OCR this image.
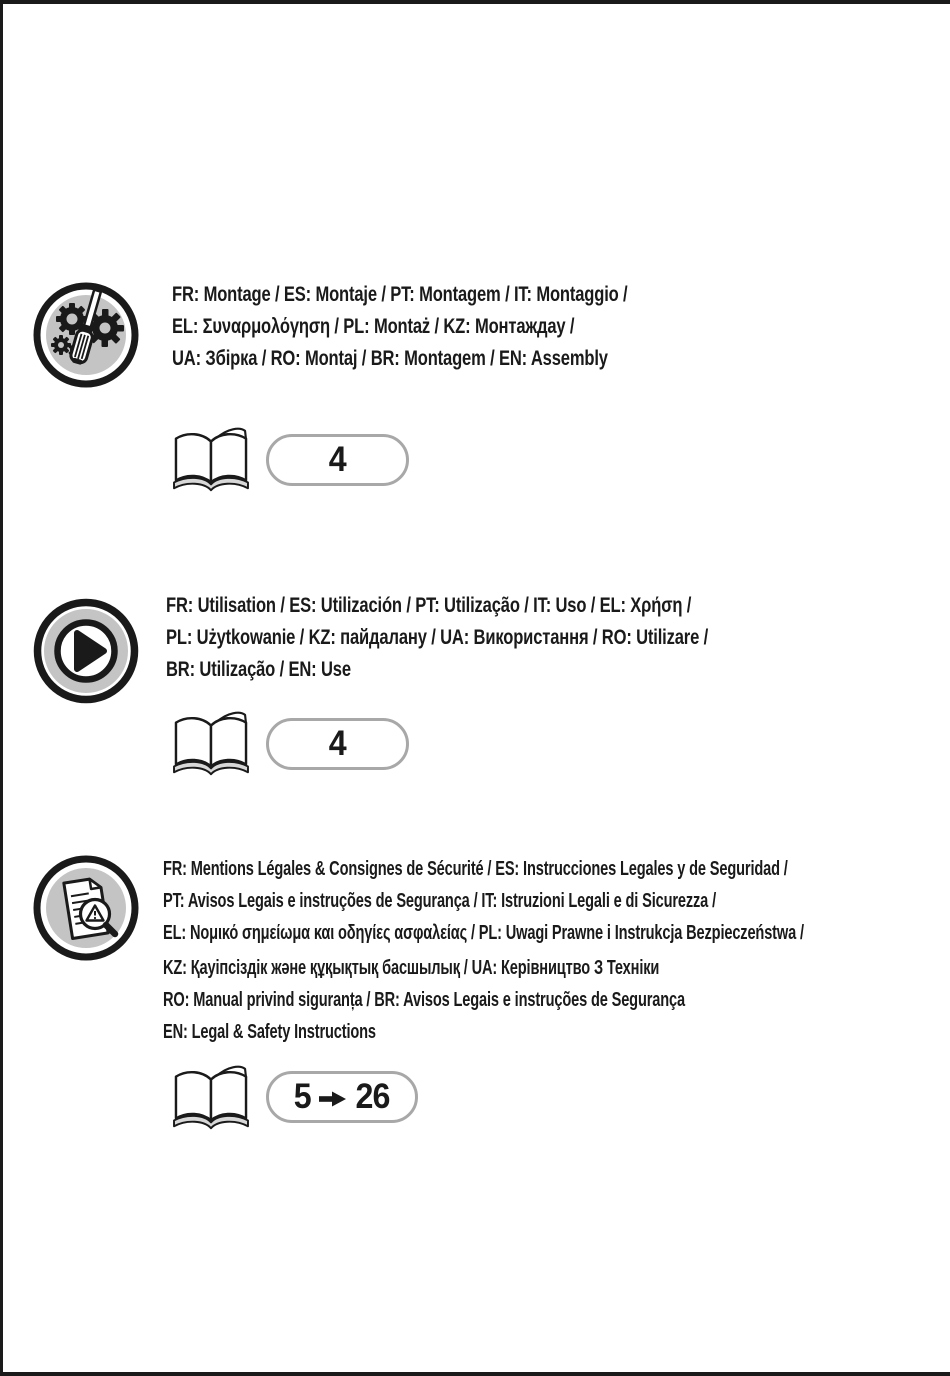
FR: Montage / ES: Montaje / PT: Montagem / IT: Montaggio /
EL: Συναρμολόγηση / PL: Montaż / KZ: Монтаждау /
UA: Збірка / RO: Montaj / BR: Montagem / EN: Assembly
4
FR: Utilisation / ES: Utilización / PT: Utilização / IT: Uso / EL: Χρήση /
PL: Użytkowanie / KZ: пайдалану / UA: Використання / RO: Utilizare /
BR: Utilização / EN: Use
4
FR: Mentions Légales & Consignes de Sécurité / ES: Instrucciones Legales y de Seguridad /
PT: Avisos Legais e instruções de Segurança / IT: Istruzioni Legali e di Sicurezza /
EL: Νομικό σημείωμα και οδηγίες ασφαλείας / PL: Uwagi Prawne i Instrukcja Bezpieczeństwa /
KZ: Қауіпсіздік және құқықтық басшылық / UA: Керівництво З Техніки
RO: Manual privind siguranța / BR: Avisos Legais e instruções de Segurança
EN: Legal & Safety Instructions
5 26
